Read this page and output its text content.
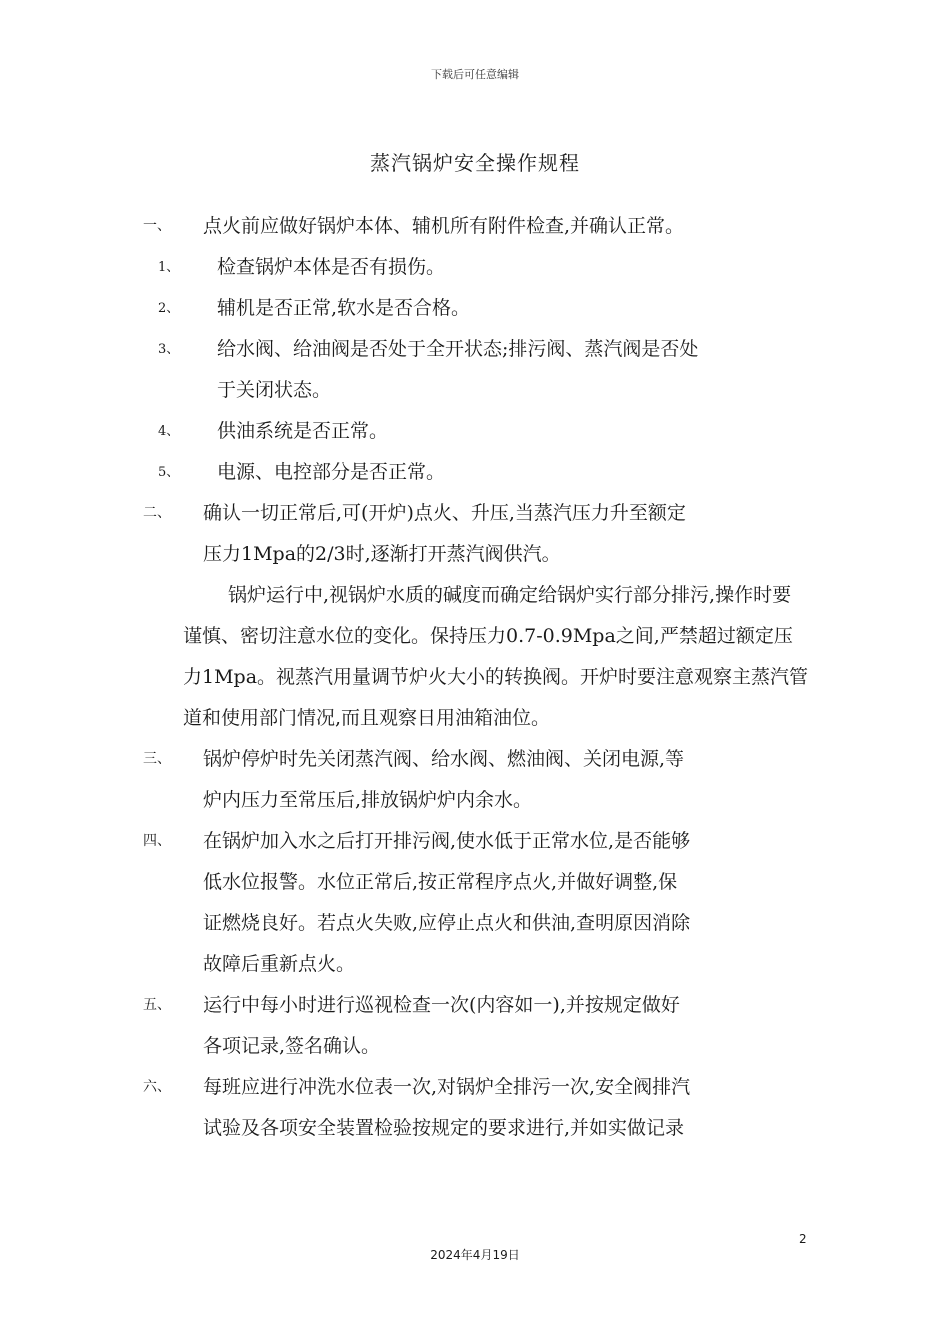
下载后可任意编辑
蒸汽锅炉安全操作规程
一、 点火前应做好锅炉本体、辅机所有附件检查,并确认正常。
1、 检查锅炉本体是否有损伤。
2、 辅机是否正常,软水是否合格。
3、 给水阀、给油阀是否处于全开状态;排污阀、蒸汽阀是否处
于关闭状态。
4、 供油系统是否正常。
5、 电源、电控部分是否正常。
二、 确认一切正常后,可(开炉)点火、升压,当蒸汽压力升至额定
压力1Mpa的2/3时,逐渐打开蒸汽阀供汽。
锅炉运行中,视锅炉水质的碱度而确定给锅炉实行部分排污,操作时要谨慎、密切注意水位的变化。保持压力0.7-0.9Mpa之间,严禁超过额定压力1Mpa。视蒸汽用量调节炉火大小的转换阀。开炉时要注意观察主蒸汽管道和使用部门情况,而且观察日用油箱油位。
三、 锅炉停炉时先关闭蒸汽阀、给水阀、燃油阀、关闭电源,等
炉内压力至常压后,排放锅炉炉内余水。
四、 在锅炉加入水之后打开排污阀,使水低于正常水位,是否能够
低水位报警。水位正常后,按正常程序点火,并做好调整,保
证燃烧良好。若点火失败,应停止点火和供油,查明原因消除
故障后重新点火。
五、 运行中每小时进行巡视检查一次(内容如一),并按规定做好
各项记录,签名确认。
六、 每班应进行冲洗水位表一次,对锅炉全排污一次,安全阀排汽
试验及各项安全装置检验按规定的要求进行,并如实做记录
2
2024年4月19日
